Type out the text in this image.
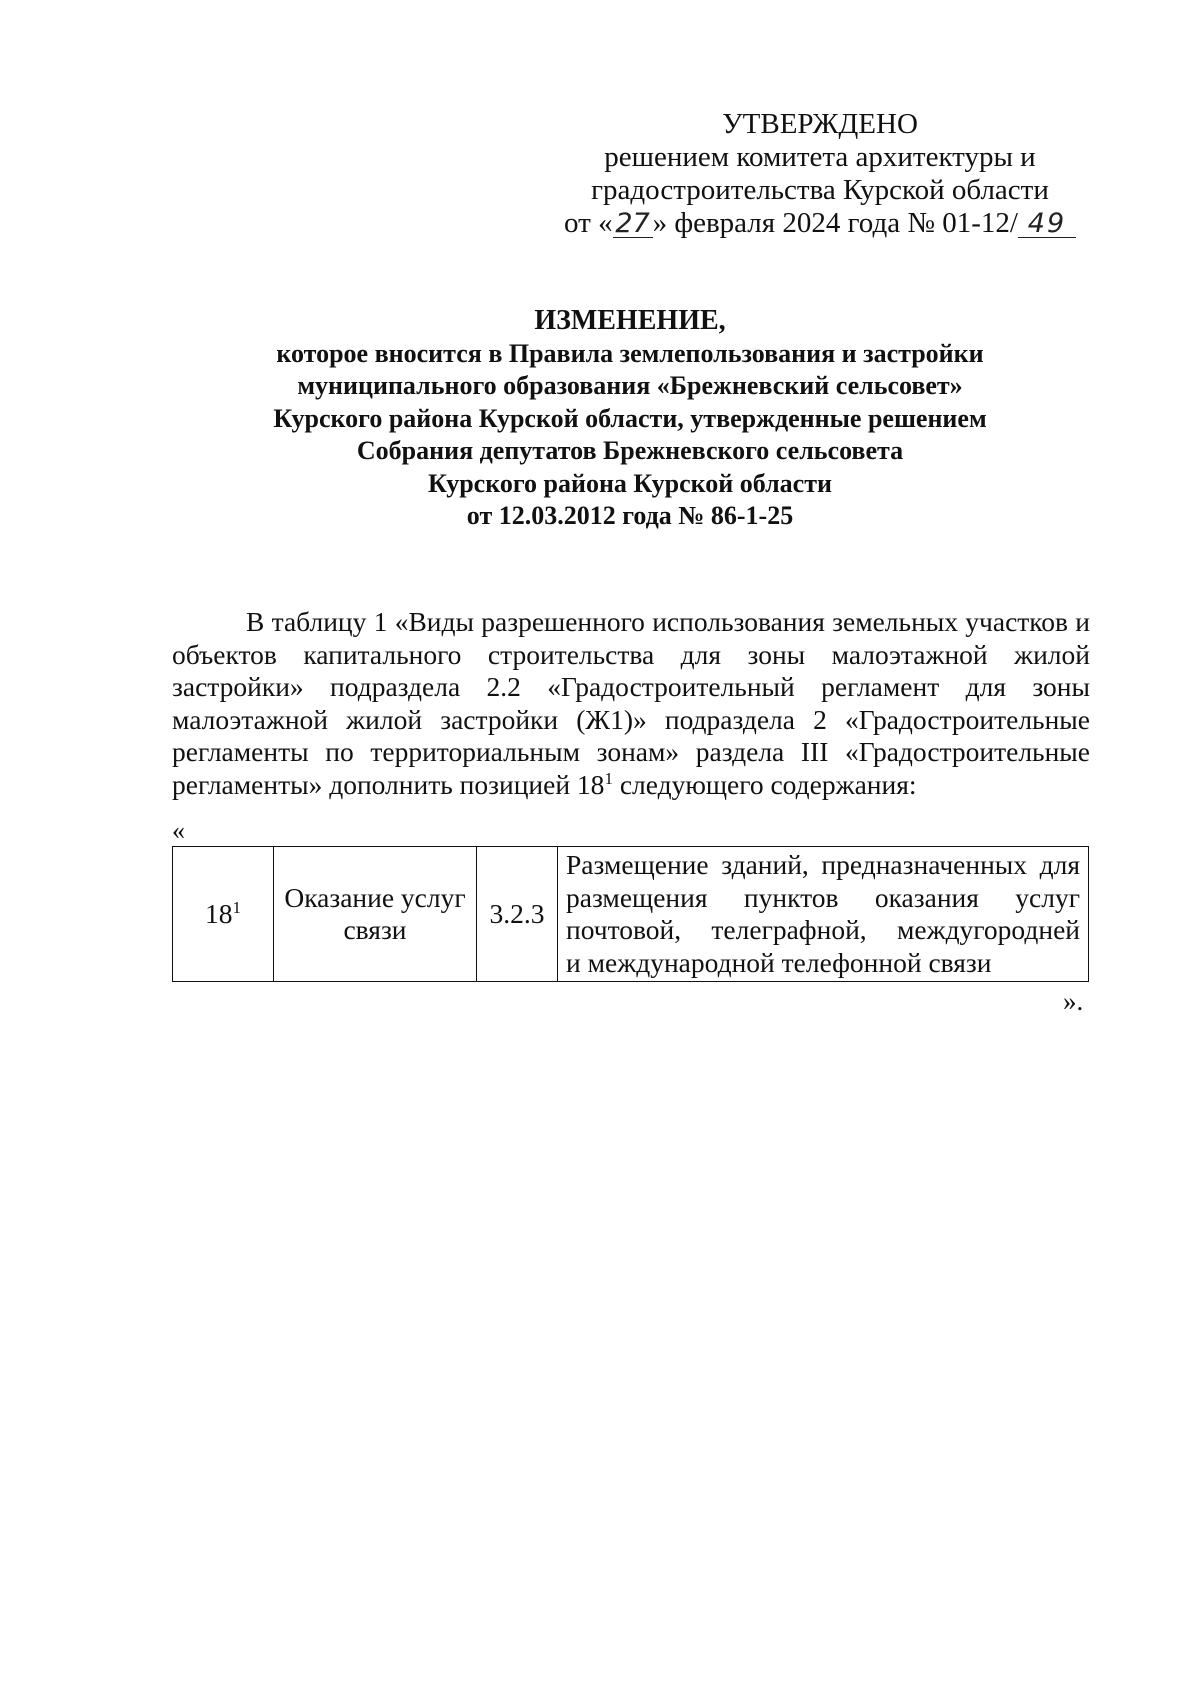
УТВЕРЖДЕНО
решением комитета архитектуры и
градостроительства Курской области
от « 27» февраля 2024 года № 01-12/ 49
ИЗМЕНЕНИЕ,
которое вносится в Правила землепользования и застройки
муниципального образования «Брежневский сельсовет»
Курского района Курской области, утвержденные решением
Собрания депутатов Брежневского сельсовета
Курского района Курской области
от 12.03.2012 года № 86-1-25

В таблицу 1 «Виды разрешенного использования земельных участков и объектов капитального строительства для зоны малоэтажной жилой застройки» подраздела 2.2 «Градостроительный регламент для зоны малоэтажной жилой застройки (Ж1)» подраздела 2 «Градостроительные регламенты по территориальным зонам» раздела III «Градостроительные регламенты» дополнить позицией $18^1$ следующего содержания:

«
$18^1$	Оказание услуг связи	3.2.3	Размещение зданий, предназначенных для размещения пунктов оказания услуг почтовой, телеграфной, междугородней
и международной телефонной связи
».
